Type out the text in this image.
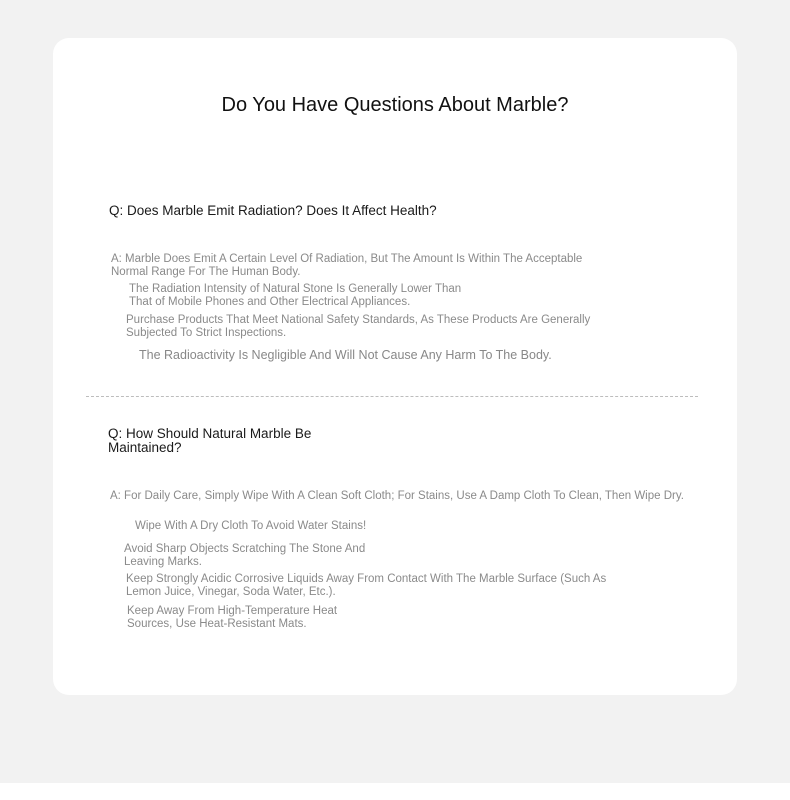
Do You Have Questions About Marble?

Q: Does Marble Emit Radiation? Does It Affect Health?

A: Marble Does Emit A Certain Level Of Radiation, But The Amount Is Within The Acceptable
Normal Range For The Human Body.
The Radiation Intensity of Natural Stone Is Generally Lower Than
That of Mobile Phones and Other Electrical Appliances.
Purchase Products That Meet National Safety Standards, As These Products Are Generally
Subjected To Strict Inspections.
The Radioactivity Is Negligible And Will Not Cause Any Harm To The Body.
Q: How Should Natural Marble Be
Maintained?
A: For Daily Care, Simply Wipe With A Clean Soft Cloth; For Stains, Use A Damp Cloth To Clean, Then Wipe Dry.
Wipe With A Dry Cloth To Avoid Water Stains!
Avoid Sharp Objects Scratching The Stone And
Leaving Marks.
Keep Strongly Acidic Corrosive Liquids Away From Contact With The Marble Surface (Such As
Lemon Juice, Vinegar, Soda Water, Etc.).
Keep Away From High-Temperature Heat
Sources, Use Heat-Resistant Mats.
